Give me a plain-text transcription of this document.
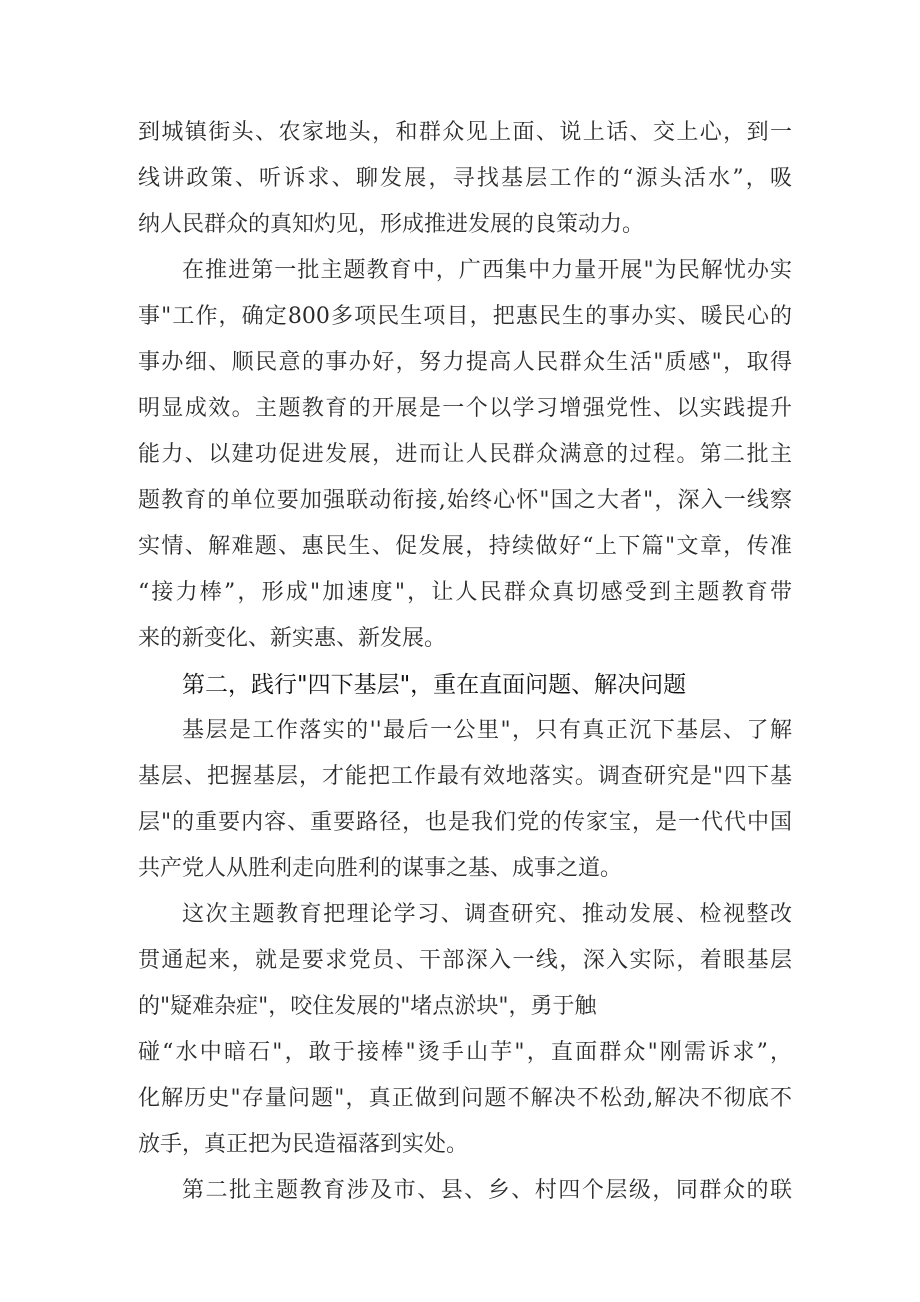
到城镇街头、农家地头，和群众见上面、说上话、交上心，到一
线讲政策、听诉求、聊发展，寻找基层工作的“源头活水”，吸
纳人民群众的真知灼见，形成推进发展的良策动力。
在推进第一批主题教育中，广西集中力量开展"为民解忧办实
事"工作，确定800多项民生项目，把惠民生的事办实、暖民心的
事办细、顺民意的事办好，努力提高人民群众生活"质感"，取得
明显成效。主题教育的开展是一个以学习增强党性、以实践提升
能力、以建功促进发展，进而让人民群众满意的过程。第二批主
题教育的单位要加强联动衔接,始终心怀"国之大者"，深入一线察
实情、解难题、惠民生、促发展，持续做好“上下篇"文章，传准
“接力棒”，形成"加速度"，让人民群众真切感受到主题教育带
来的新变化、新实惠、新发展。
第二，践行"四下基层"，重在直面问题、解决问题
基层是工作落实的''最后一公里"，只有真正沉下基层、了解
基层、把握基层，才能把工作最有效地落实。调查研究是"四下基
层"的重要内容、重要路径，也是我们党的传家宝，是一代代中国
共产党人从胜利走向胜利的谋事之基、成事之道。
这次主题教育把理论学习、调查研究、推动发展、检视整改
贯通起来，就是要求党员、干部深入一线，深入实际，着眼基层
的"疑难杂症"，咬住发展的"堵点淤块"，勇于触
碰“水中暗石"，敢于接棒"烫手山芋"，直面群众"刚需诉求”，
化解历史"存量问题"，真正做到问题不解决不松劲,解决不彻底不
放手，真正把为民造福落到实处。
第二批主题教育涉及市、县、乡、村四个层级，同群众的联
